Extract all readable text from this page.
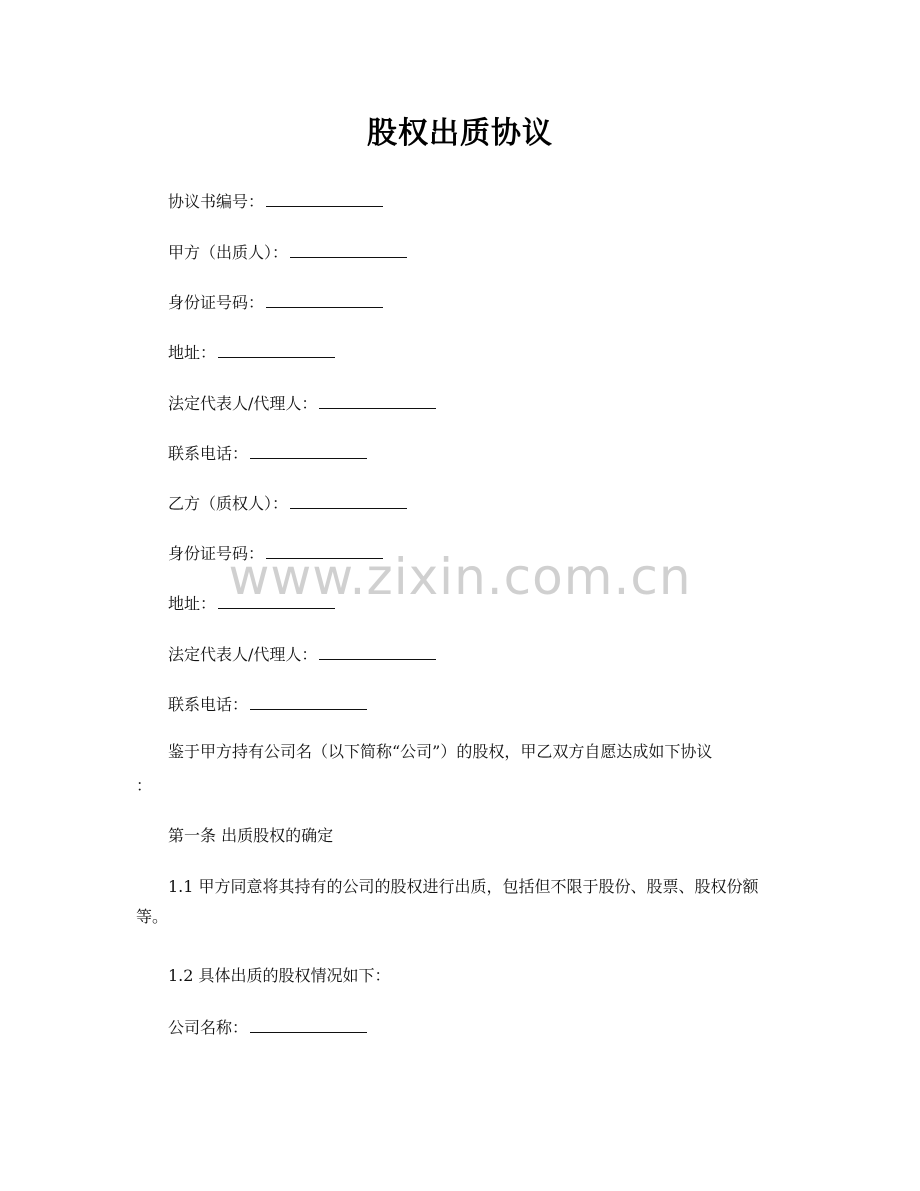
股权出质协议
协议书编号：
甲方（出质人）：
身份证号码：
地址：
法定代表人/代理人：
联系电话：
乙方（质权人）：
身份证号码：
地址：
法定代表人/代理人：
联系电话：
鉴于甲方持有公司名（以下简称“公司”）的股权，甲乙双方自愿达成如下协议
：
第一条 出质股权的确定
1.1 甲方同意将其持有的公司的股权进行出质，包括但不限于股份、股票、股权份额等。
1.2 具体出质的股权情况如下：
公司名称：
www.zixin.com.cn
